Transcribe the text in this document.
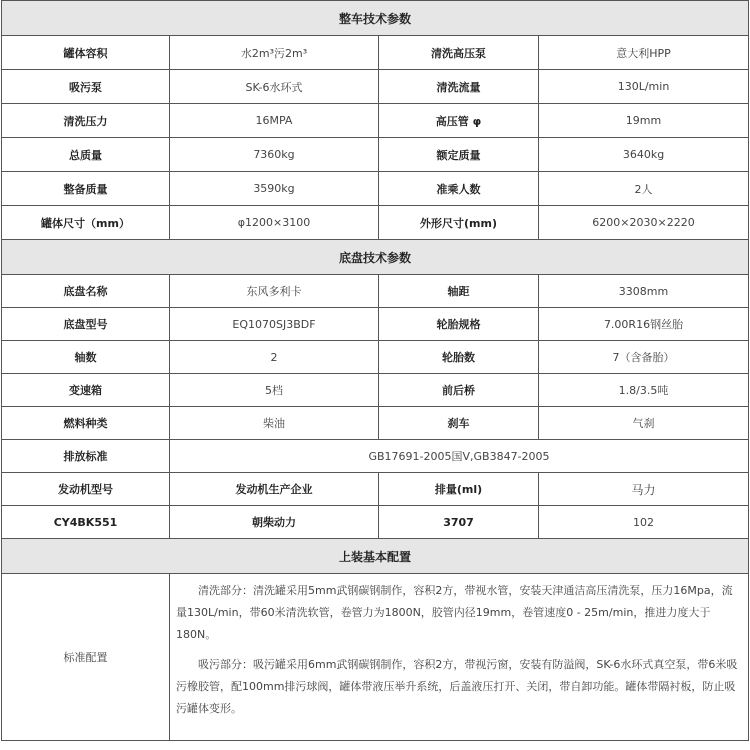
整车技术参数			
罐体容积	水2m³污2m³	清洗高压泵	意大利HPP
吸污泵	SK-6水环式	清洗流量	130L/min
清洗压力	16MPA	高压管 φ	19mm
总质量	7360kg	额定质量	3640kg
整备质量	3590kg	准乘人数	2人
罐体尺寸（mm）	φ1200×3100	外形尺寸(mm)	6200×2030×2220
底盘技术参数			
底盘名称	东风多利卡	轴距	3308mm
底盘型号	EQ1070SJ3BDF	轮胎规格	7.00R16钢丝胎
轴数	2	轮胎数	7（含备胎）
变速箱	5档	前后桥	1.8/3.5吨
燃料种类	柴油	刹车	气刹
排放标准	GB17691-2005国Ⅴ,GB3847-2005		
发动机型号	发动机生产企业	排量(ml)	马力
CY4BK551	朝柴动力	3707	102
上装基本配置			
标准配置	清洗部分：清洗罐采用5mm武钢碳钢制作，容积2方，带视水管，安装天津通洁高压清洗泵，压力16Mpa，流量130L/min，带60米清洗软管，卷管力为1800N，胶管内径19mm，卷管速度0 - 25m/min，推进力度大于180N。

吸污部分：吸污罐采用6mm武钢碳钢制作，容积2方，带视污窗，安装有防溢阀，SK-6水环式真空泵，带6米吸污橡胶管，配100mm排污球阀，罐体带液压举升系统，后盖液压打开、关闭，带自卸功能。罐体带隔衬板，防止吸污罐体变形。		
